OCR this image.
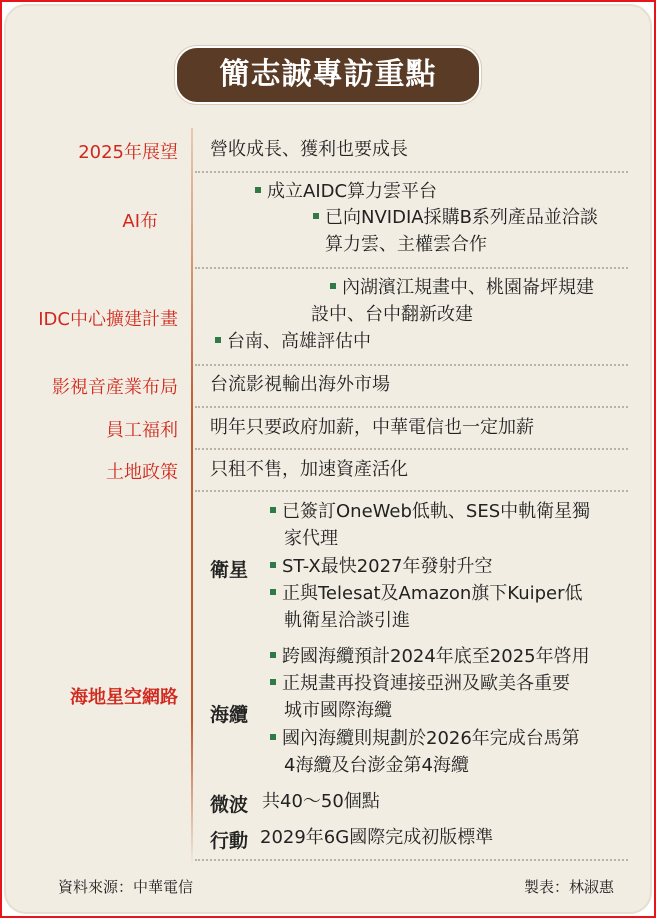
簡志誠專訪重點
2025年展望 營收成長、獲利也要成長
AI布
成立AIDC算力雲平台
已向NVIDIA採購B系列產品並洽談
算力雲、主權雲合作
IDC中心擴建計畫
內湖濱江規畫中、桃園崙坪規建
設中、台中翻新改建
台南、高雄評估中
影視音產業布局 台流影視輸出海外市場
員工福利 明年只要政府加薪，中華電信也一定加薪
土地政策 只租不售，加速資產活化
海地星空網路
衛星
已簽訂OneWeb低軌、SES中軌衛星獨
家代理
ST-X最快2027年發射升空
正與Telesat及Amazon旗下Kuiper低
軌衛星洽談引進
海纜
跨國海纜預計2024年底至2025年啓用
正規畫再投資連接亞洲及歐美各重要
城市國際海纜
國內海纜則規劃於2026年完成台馬第
4海纜及台澎金第4海纜
微波 共40～50個點
行動 2029年6G國際完成初版標準
資料來源：中華電信	製表：林淑惠
